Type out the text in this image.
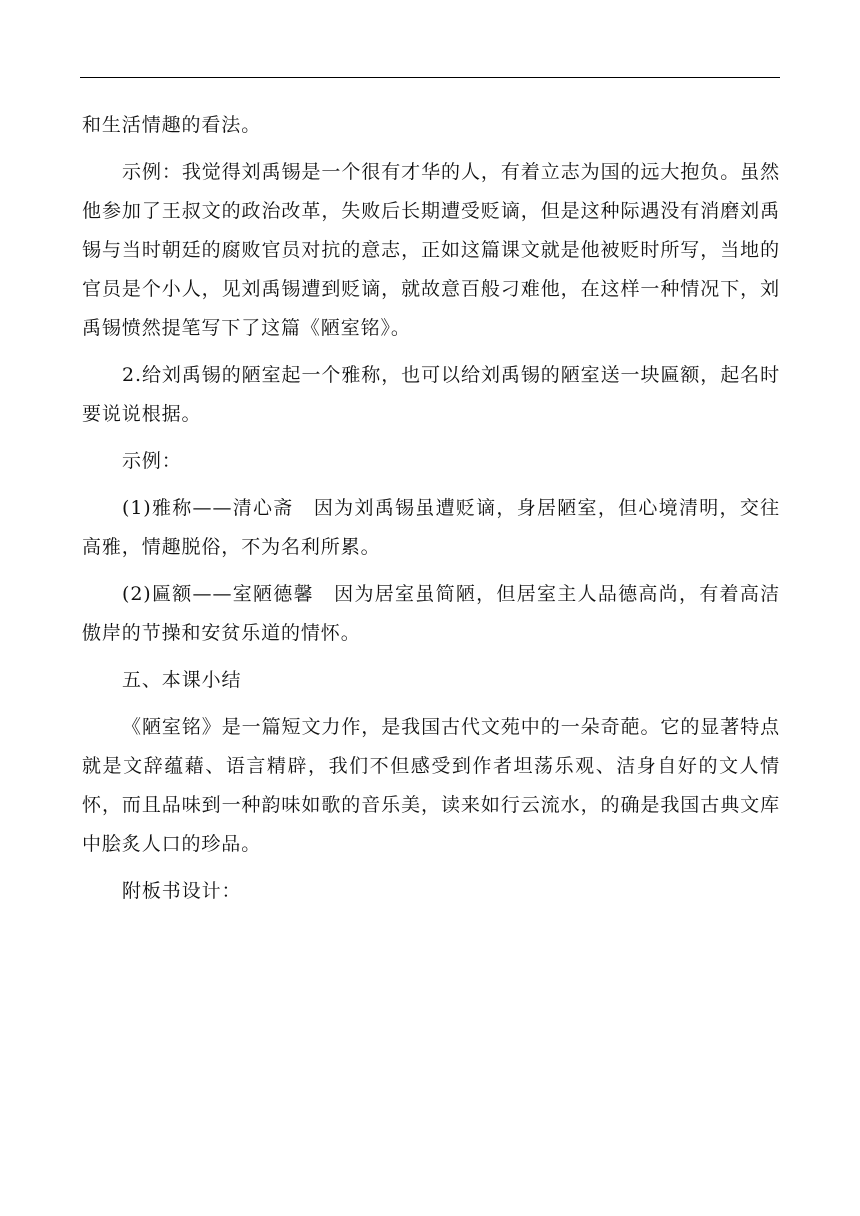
和生活情趣的看法。

示例：我觉得刘禹锡是一个很有才华的人，有着立志为国的远大抱负。虽然他参加了王叔文的政治改革，失败后长期遭受贬谪，但是这种际遇没有消磨刘禹锡与当时朝廷的腐败官员对抗的意志，正如这篇课文就是他被贬时所写，当地的官员是个小人，见刘禹锡遭到贬谪，就故意百般刁难他，在这样一种情况下，刘禹锡愤然提笔写下了这篇《陋室铭》。

2.给刘禹锡的陋室起一个雅称，也可以给刘禹锡的陋室送一块匾额，起名时要说说根据。

示例：

(1)雅称——清心斋　因为刘禹锡虽遭贬谪，身居陋室，但心境清明，交往高雅，情趣脱俗，不为名利所累。

(2)匾额——室陋德馨　因为居室虽简陋，但居室主人品德高尚，有着高洁傲岸的节操和安贫乐道的情怀。

五、本课小结

《陋室铭》是一篇短文力作，是我国古代文苑中的一朵奇葩。它的显著特点就是文辞蕴藉、语言精辟，我们不但感受到作者坦荡乐观、洁身自好的文人情怀，而且品味到一种韵味如歌的音乐美，读来如行云流水，的确是我国古典文库中脍炙人口的珍品。

附板书设计：
